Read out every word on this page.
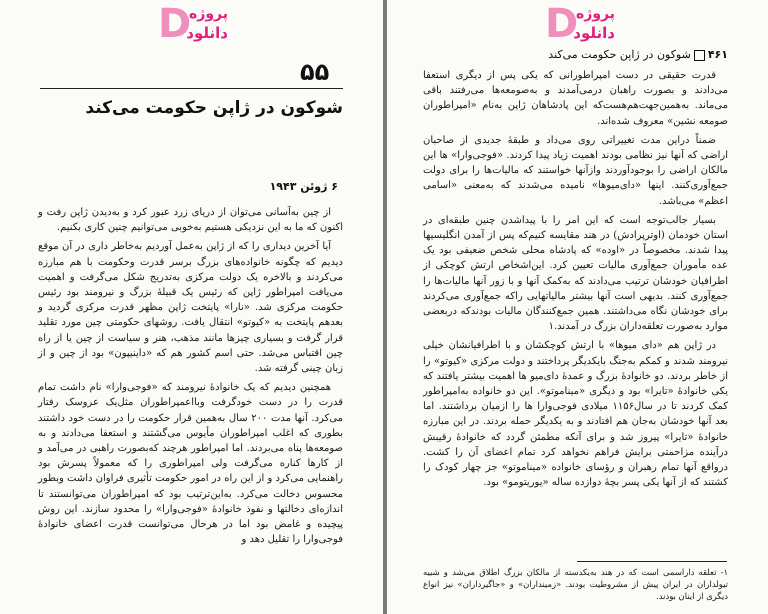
D
پروژه
دانلود
۵۵
شوکون در ژاپن حکومت می‌کند
۶ ژوئن ۱۹۴۳

از چین به‌آسانی می‌توان از دریای زرد عبور کرد و به‌دیدن ژاپن رفت و اکنون که ما به این نزدیکی هستیم به‌خوبی می‌توانیم چنین کاری بکنیم.

آیا آخرین دیداری را که از ژاپن به‌عمل آوردیم به‌خاطر داری در آن موقع دیدیم که چگونه خانواده‌های بزرگ برسر قدرت وحکومت با هم مبارزه می‌کردند و بالاخره یک دولت مرکزی به‌تدریج شکل می‌گرفت و اهمیت می‌یافت امپراطور ژاپن که رئیس یک قبیلهٔ بزرگ و نیرومند بود رئیس حکومت مرکزی شد. «نارا» پایتخت ژاپن مظهر قدرت مرکزی گردید و بعدهم پایتخت به «کیوتو» انتقال یافت. روشهای حکومتی چین مورد تقلید قرار گرفت و بسیاری چیزها مانند مذهب، هنر و سیاست از چین یا از راه چین اقتباس می‌شد. حتی اسم کشور هم که «داینیپون» بود از چین و از زبان چینی گرفته شد.

همچنین دیدیم که یک خانوادهٔ نیرومند که «فوجی‌وارا» نام داشت تمام قدرت را در دست خودگرفت وبااعمپراطوران مثل‌یک عروسک رفتار می‌کرد. آنها مدت ۲۰۰ سال به‌همین قرار حکومت را در دست خود داشتند بطوری که اغلب امپراطوران مأیوس می‌گشتند و استعفا می‌دادند و به صومعه‌ها پناه می‌بردند. اما امپراطور هرچند که‌بصورت راهبی در می‌آمد و از کارها کناره می‌گرفت ولی امپراطوری را که معمولاً پسرش بود راهنمایی می‌کرد و از این راه در امور حکومت تأثیری فراوان داشت وبطور محسوس دخالت می‌کرد. به‌این‌ترتیب بود که امپراطوران می‌توانستند تا اندازه‌ای دخالتها و نفوذ خانوادهٔ «فوجی‌وارا» را محدود سازند. این روش پیچیده و غامض بود اما در هرحال می‌توانست قدرت اعضای خانوادهٔ فوجی‌وارا را تقلیل دهد و

D
پروژه
دانلود
۴۶۱شوکون در ژاپن حکومت می‌کند

قدرت حقیقی در دست امپراطورانی که یکی پس از دیگری استعفا می‌دادند و بصورت راهبان درمی‌آمدند و به‌صومعه‌ها می‌رفتند باقی می‌ماند. به‌همین‌جهت‌هم‌هست‌که این پادشاهان ژاپن به‌نام «امپراطوران صومعه نشین» معروف شده‌اند.

ضمناً دراین مدت تغییراتی روی می‌داد و طبقهٔ جدیدی از صاحبان اراضی که آنها نیز نظامی بودند اهمیت زیاد پیدا کردند. «فوجی‌وارا» ها این مالکان اراضی را بوجودآوردند وازآنها خواستند که مالیات‌ها را برای دولت جمع‌آوری‌کنند. اینها «دای‌میوها» نامیده می‌شدند که به‌معنی «اسامی اعظم» می‌باشد.

بسیار جالب‌توجه است که این امر را با پیدا‌شدن چنین طبقه‌ای در استان خودمان (اوترپرادش) در هند مقایسه کنیم‌که پس از آمدن انگلیسیها پیدا شدند. مخصوصاً در «اوده» که پادشاه محلی شخص ضعیفی بود یک عده مأموران جمع‌آوری مالیات تعیین کرد. این‌اشخاص ارتش کوچکی از اطرافیان خودشان ترتیب می‌دادند که به‌کمک آنها و با زور آنها مالیات‌ها را جمع‌آوری کنند. بدیهی است آنها بیشتر مالیاتهایی راکه جمع‌آوری می‌کردند برای خودشان نگاه می‌داشتند. همین جمع‌کنندگان مالیات بودند‌که دربعضی موارد به‌صورت تعلقه‌داران بزرگ در آمدند.۱

در ژاپن هم «دای میوها» با ارتش کوچکشان و با اطرافیانشان خیلی نیرومند شدند و کمکم به‌جنگ بایکدیگر پرداختند و دولت مرکزی «کیوتو» را از خاطر بردند. دو خانوادهٔ بزرگ و عمدهٔ دای‌میو ها اهمیت بیشتر یافتند که یکی خانوادهٔ «تایرا» بود و دیگری «میناموتو». این دو خانواده به‌امپراطور کمک کردند تا در سال۱۱۵۶ میلادی فوجی‌وارا ها را ازمیان برداشتند. اما بعد آنها خودشان به‌جان هم افتادند و به یکدیگر حمله بردند. در این مبارزه خانوادهٔ «تایرا» پیروز شد و برای آنکه مطمئن گردد که خانوادهٔ رقیبش درآینده مزاحمتی برایش فراهم نخواهد کرد تمام اعضای آن را کشت. درواقع آنها تمام رهبران و رؤسای خانواده «میناموتو» جز چهار کودک را کشتند که از آنها یکی پسر بچهٔ دوازده ساله «یوریتومو» بود.

۱- تعلقه داراسمی است که در هند به‌یکدسته از مالکان بزرگ اطلاق می‌شد و شبیه تیولداران در ایران پیش از مشروطیت بودند. «زمینداران» و «جاگیرداران» نیز انواع دیگری از اینان بودند.
